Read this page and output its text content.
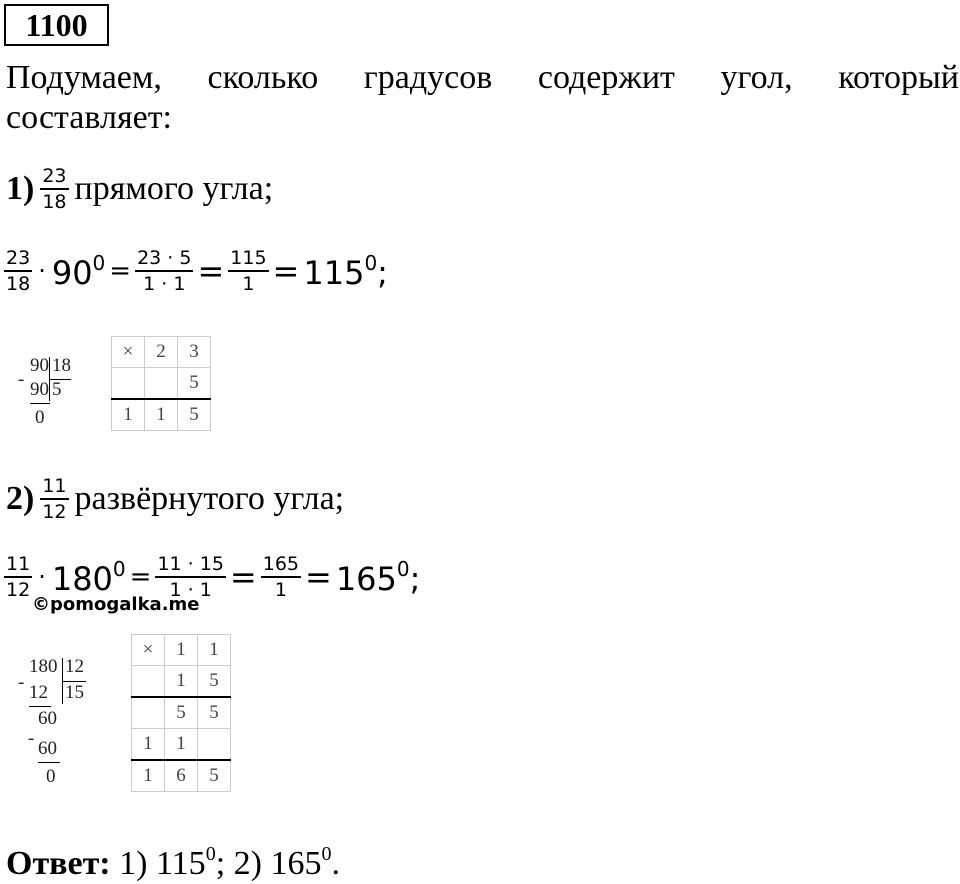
1100
Подумаем, сколько градусов содержит угол, который
составляет:
$1) \frac{23}{18}$ прямого угла;
$\frac{23}{18} \cdot 90^0 = \frac{23 \cdot 5}{1 \cdot 1} = \frac{115}{1} = 115^0$;
90 18
5
- 90
0
×	2	3
		5
1	1	5
$2) \frac{11}{12}$ развёрнутого угла;
$\frac{11}{12} \cdot 180^0 = \frac{11 \cdot 15}{1 \cdot 1} = \frac{165}{1} = 165^0$;
©pomogalka.me
180 12
15
- 12
60
- 60
0
×	1	1
	1	5
	5	5
1	1	
1	6	5
Ответ: 1) $115^0$; 2) $165^0$.
